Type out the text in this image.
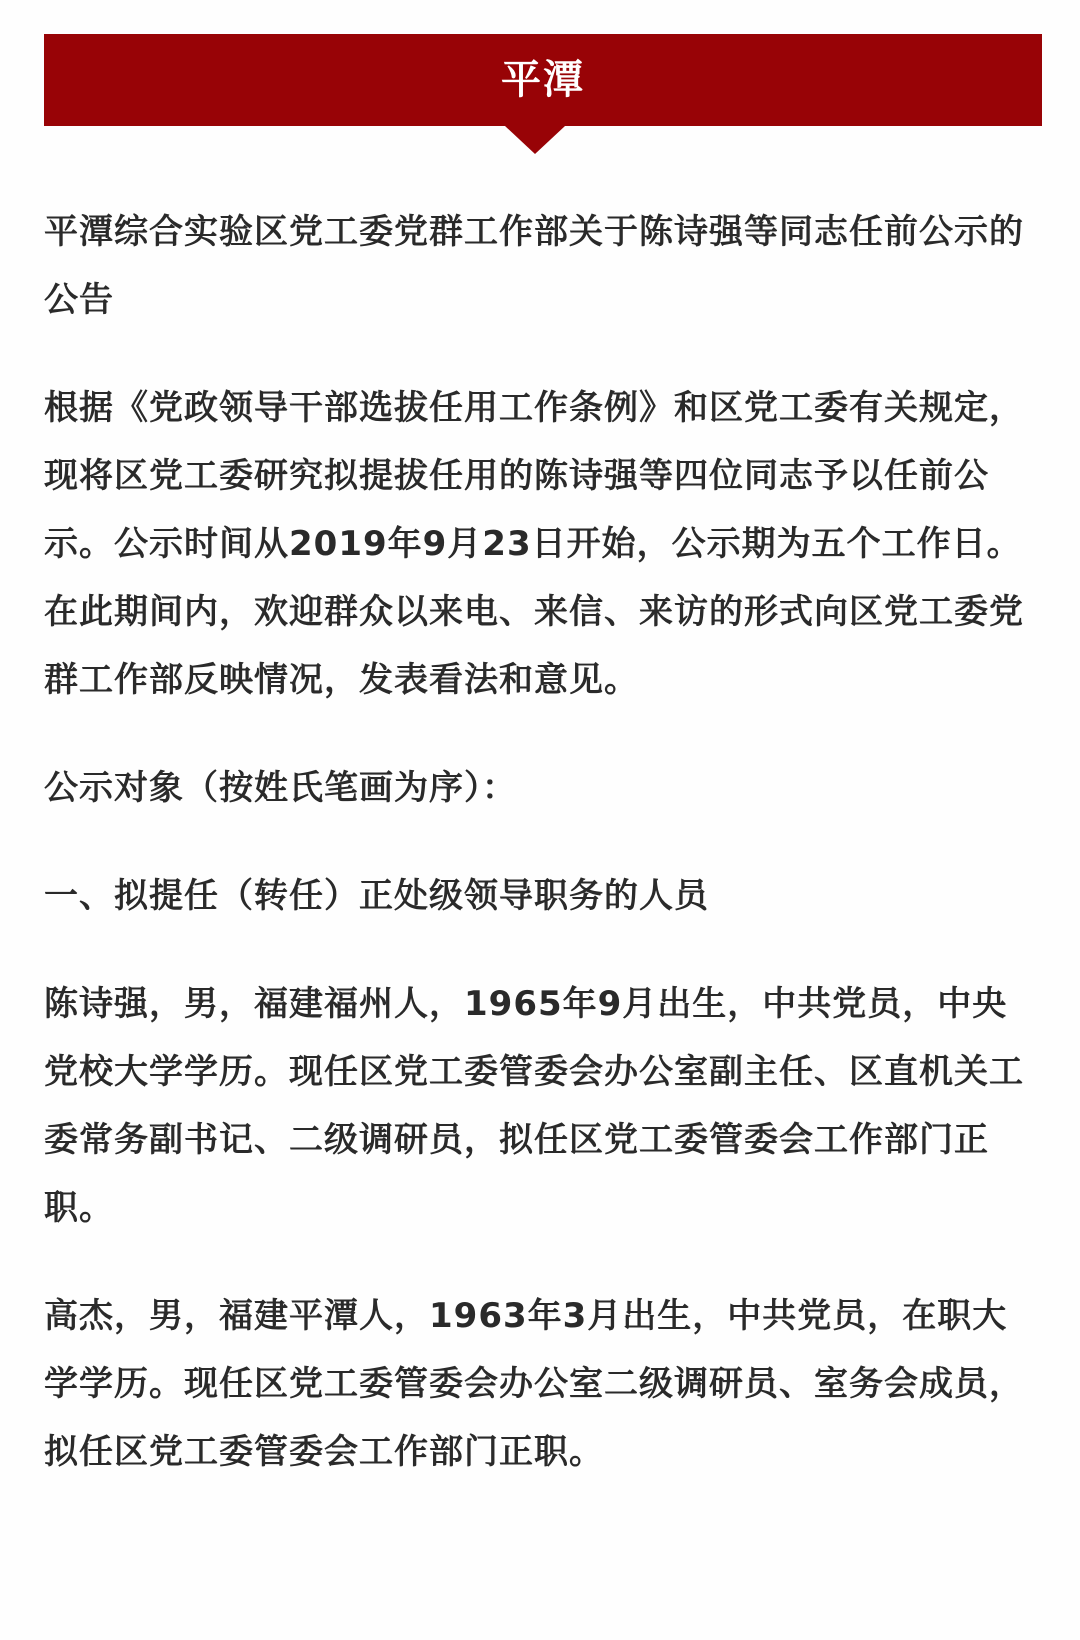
平潭

平潭综合实验区党工委党群工作部关于陈诗强等同志任前公示的公告

根据《党政领导干部选拔任用工作条例》和区党工委有关规定，现将区党工委研究拟提拔任用的陈诗强等四位同志予以任前公示。公示时间从2019年9月23日开始，公示期为五个工作日。在此期间内，欢迎群众以来电、来信、来访的形式向区党工委党群工作部反映情况，发表看法和意见。

公示对象（按姓氏笔画为序）：

一、拟提任（转任）正处级领导职务的人员

陈诗强，男，福建福州人，1965年9月出生，中共党员，中央党校大学学历。现任区党工委管委会办公室副主任、区直机关工委常务副书记、二级调研员，拟任区党工委管委会工作部门正职。

高杰，男，福建平潭人，1963年3月出生，中共党员，在职大学学历。现任区党工委管委会办公室二级调研员、室务会成员，拟任区党工委管委会工作部门正职。
